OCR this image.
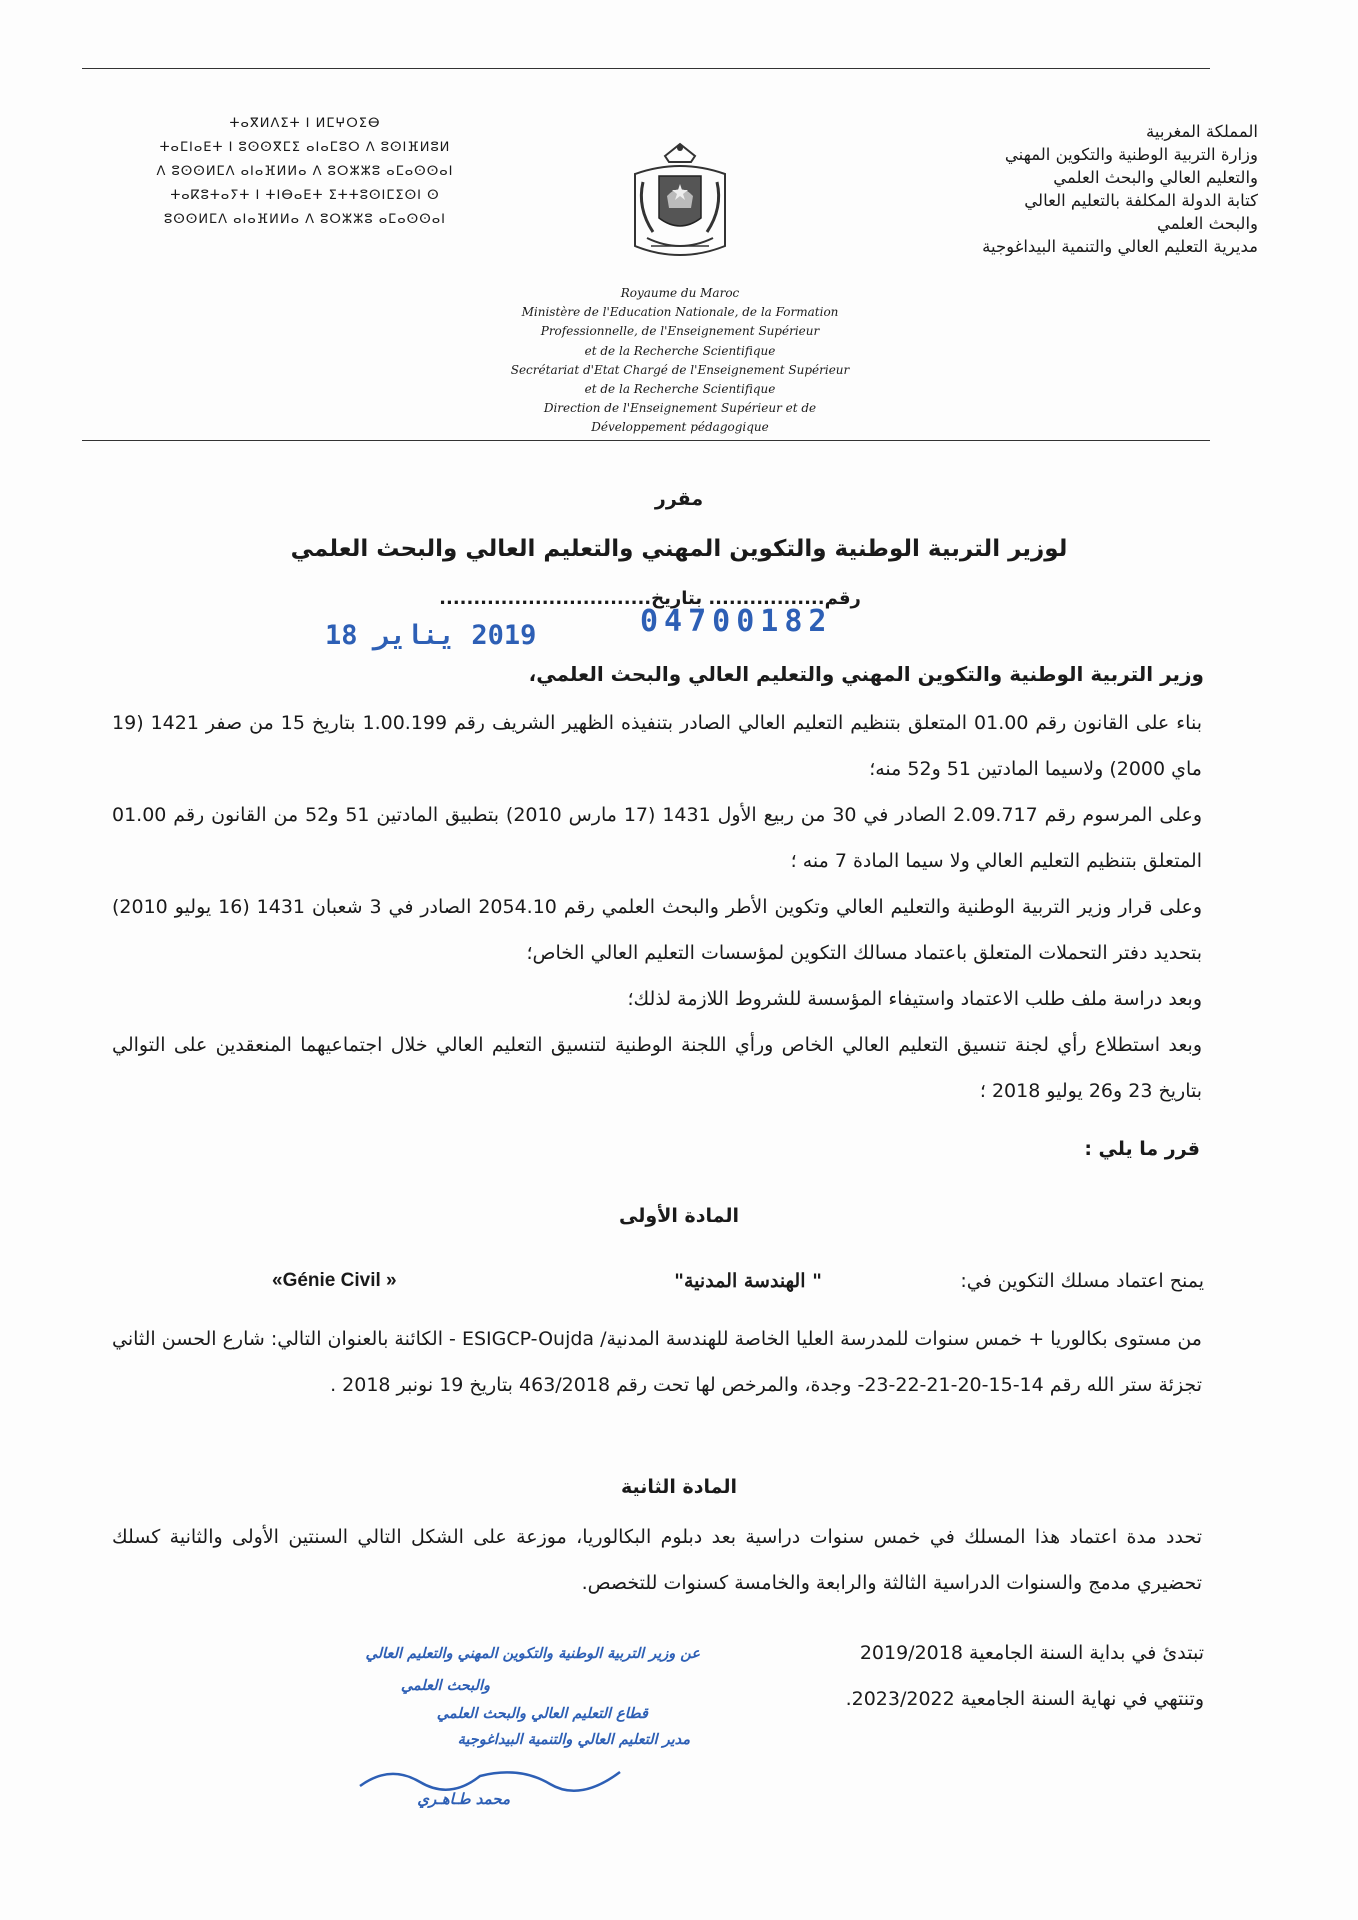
ⵜⴰⴳⵍⴷⵉⵜ ⵏ ⵍⵎⵖⵔⵉⴱ
ⵜⴰⵎⵏⴰⴹⵜ ⵏ ⵓⵙⵙⴳⵎⵉ ⴰⵏⴰⵎⵓⵔ ⴷ ⵓⵙⵏⴼⵍⵓⵍ
ⴷ ⵓⵙⵙⵍⵎⴷ ⴰⵏⴰⴼⵍⵍⴰ ⴷ ⵓⵔⵣⵣⵓ ⴰⵎⴰⵙⵙⴰⵏ
ⵜⴰⴽⵓⵜⴰⵢⵜ ⵏ ⵜⵏⴱⴰⴹⵜ ⵉⵜⵜⵓⵙⵏⵎⵉⵙⵏ ⵙ
ⵓⵙⵙⵍⵎⴷ ⴰⵏⴰⴼⵍⵍⴰ ⴷ ⵓⵔⵣⵣⵓ ⴰⵎⴰⵙⵙⴰⵏ
المملكة المغربية
وزارة التربية الوطنية والتكوين المهني
والتعليم العالي والبحث العلمي
كتابة الدولة المكلفة بالتعليم العالي
والبحث العلمي
مديرية التعليم العالي والتنمية البيداغوجية
Royaume du Maroc
Ministère de l'Education Nationale, de la Formation
Professionnelle, de l'Enseignement Supérieur
et de la Recherche Scientifique
Secrétariat d'Etat Chargé de l'Enseignement Supérieur
et de la Recherche Scientifique
Direction de l'Enseignement Supérieur et de
Développement pédagogique
مقرر
لوزير التربية الوطنية والتكوين المهني والتعليم العالي والبحث العلمي
رقم................. بتاريخ...............................
04700182
2019 يناير 18
وزير التربية الوطنية والتكوين المهني والتعليم العالي والبحث العلمي،

بناء على القانون رقم 01.00 المتعلق بتنظيم التعليم العالي الصادر بتنفيذه الظهير الشريف رقم 1.00.199 بتاريخ 15 من صفر 1421 (19 ماي 2000) ولاسيما المادتين 51 و52 منه؛

وعلى المرسوم رقم 2.09.717 الصادر في 30 من ربيع الأول 1431 (17 مارس 2010) بتطبيق المادتين 51 و52 من القانون رقم 01.00 المتعلق بتنظيم التعليم العالي ولا سيما المادة 7 منه ؛

وعلى قرار وزير التربية الوطنية والتعليم العالي وتكوين الأطر والبحث العلمي رقم 2054.10 الصادر في 3 شعبان 1431 (16 يوليو 2010) بتحديد دفتر التحملات المتعلق باعتماد مسالك التكوين لمؤسسات التعليم العالي الخاص؛

وبعد دراسة ملف طلب الاعتماد واستيفاء المؤسسة للشروط اللازمة لذلك؛

وبعد استطلاع رأي لجنة تنسيق التعليم العالي الخاص ورأي اللجنة الوطنية لتنسيق التعليم العالي خلال اجتماعيهما المنعقدين على التوالي بتاريخ 23 و26 يوليو 2018 ؛

قرر ما يلي :
المادة الأولى
يمنح اعتماد مسلك التكوين في:
" الهندسة المدنية"
«Génie Civil »

من مستوى بكالوريا + خمس سنوات للمدرسة العليا الخاصة للهندسة المدنية/ ESIGCP-Oujda - الكائنة بالعنوان التالي: شارع الحسن الثاني تجزئة ستر الله رقم 14-15-20-21-22-23- وجدة، والمرخص لها تحت رقم 463/2018 بتاريخ 19 نونبر 2018 .

المادة الثانية

تحدد مدة اعتماد هذا المسلك في خمس سنوات دراسية بعد دبلوم البكالوريا، موزعة على الشكل التالي السنتين الأولى والثانية كسلك تحضيري مدمج والسنوات الدراسية الثالثة والرابعة والخامسة كسنوات للتخصص.

تبتدئ في بداية السنة الجامعية 2019/2018
وتنتهي في نهاية السنة الجامعية 2023/2022.
عن وزير التربية الوطنية والتكوين المهني والتعليم العالي
والبحث العلمي
قطاع التعليم العالي والبحث العلمي
مدير التعليم العالي والتنمية البيداغوجية
محمد طـاهـري
